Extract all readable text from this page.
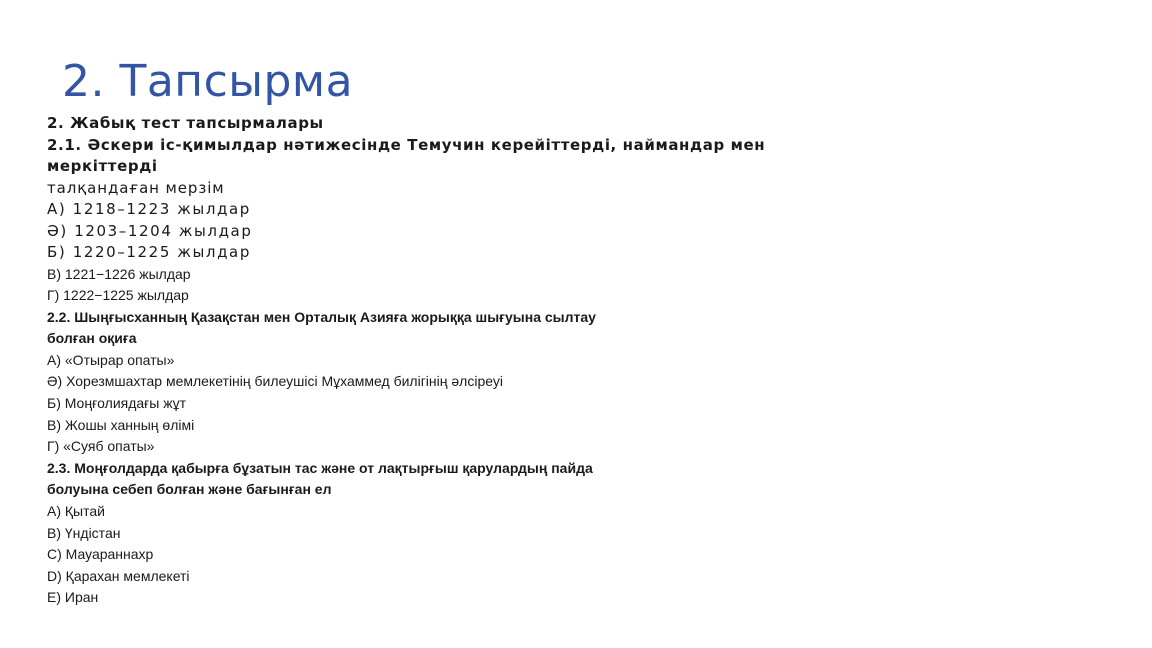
2. Тапсырма
2. Жабық тест тапсырмалары
2.1. Әскери іс-қимылдар нәтижесінде Темучин керейіттерді, наймандар мен
меркіттерді
талқандаған мерзім
А) 1218–1223 жылдар
Ә) 1203–1204 жылдар
Б) 1220–1225 жылдар
В) 1221−1226 жылдар
Г) 1222−1225 жылдар
2.2. Шыңғысханның Қазақстан мен Орталық Азияға жорыққа шығуына сылтау
болған оқиға
А) «Отырар опаты»
Ә) Хорезмшахтар мемлекетінің билеушісі Мұхаммед билігінің әлсіреуі
Б) Моңғолиядағы жұт
В) Жошы ханның өлімі
Г) «Суяб опаты»
2.3. Моңғолдарда қабырға бұзатын тас және от лақтырғыш қарулардың пайда
болуына себеп болған және бағынған ел
A) Қытай
B) Үндістан
C) Мауараннахр
D) Қарахан мемлекеті
E) Иран
